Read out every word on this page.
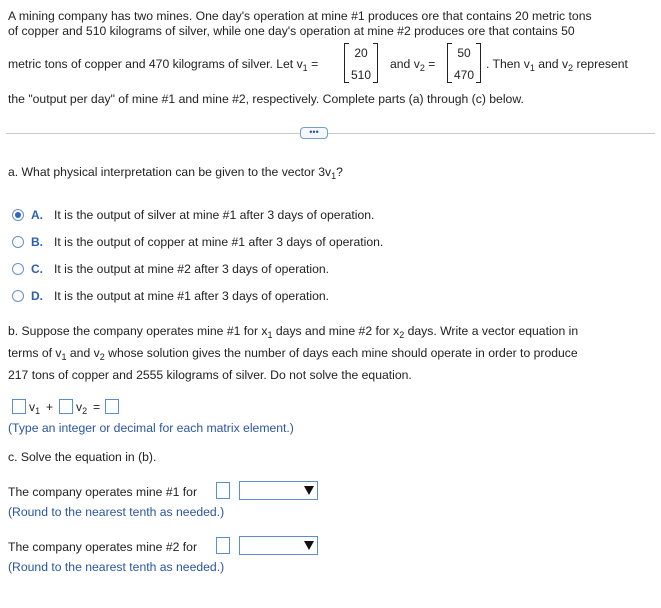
A mining company has two mines. One day's operation at mine #1 produces ore that contains 20 metric tons
of copper and 510 kilograms of silver, while one day's operation at mine #2 produces ore that contains 50
metric tons of copper and 470 kilograms of silver. Let $v_1$ =
20
510
and $v_2$ =
50
470
. Then $v_1$ and $v_2$ represent
the "output per day" of mine #1 and mine #2, respectively. Complete parts (a) through (c) below.
•••
a. What physical interpretation can be given to the vector $3v_1$?
A. It is the output of silver at mine #1 after 3 days of operation.
B. It is the output of copper at mine #1 after 3 days of operation.
C. It is the output at mine #2 after 3 days of operation.
D. It is the output at mine #1 after 3 days of operation.
b. Suppose the company operates mine #1 for $x_1$ days and mine #2 for $x_2$ days. Write a vector equation in
terms of $v_1$ and $v_2$ whose solution gives the number of days each mine should operate in order to produce
217 tons of copper and 2555 kilograms of silver. Do not solve the equation.
$v_1 + v_2$ =
(Type an integer or decimal for each matrix element.)
c. Solve the equation in (b).
The company operates mine #1 for
(Round to the nearest tenth as needed.)
The company operates mine #2 for
(Round to the nearest tenth as needed.)
